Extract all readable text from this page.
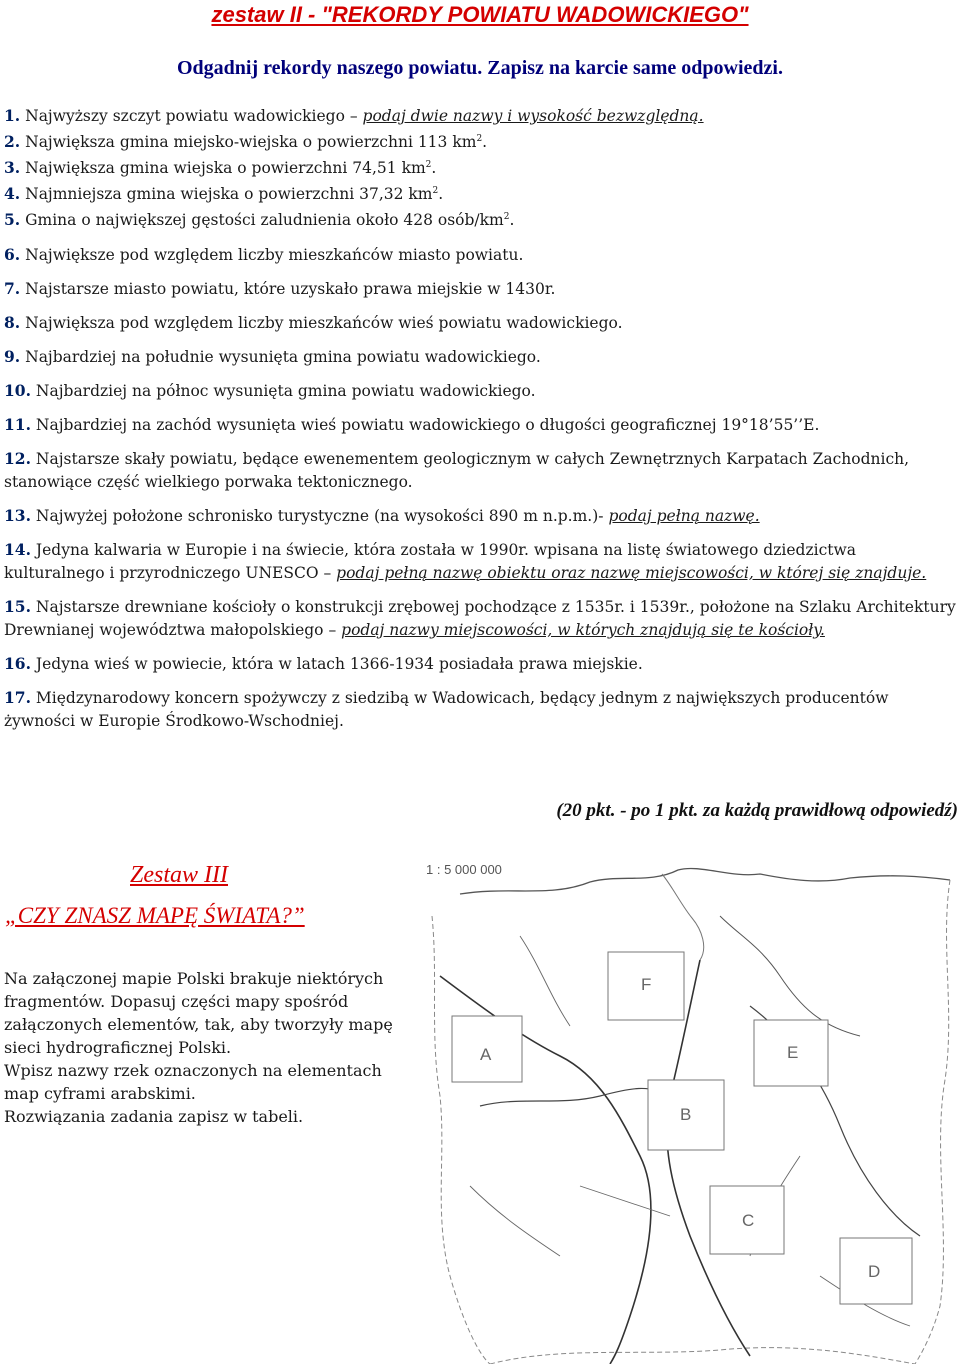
zestaw II - "REKORDY POWIATU WADOWICKIEGO"
Odgadnij rekordy naszego powiatu. Zapisz na karcie same odpowiedzi.

1. Najwyższy szczyt powiatu wadowickiego – podaj dwie nazwy i wysokość bezwzględną.

2. Największa gmina miejsko-wiejska o powierzchni 113 $km^2$.

3. Największa gmina wiejska o powierzchni 74,51 $km^2$.

4. Najmniejsza gmina wiejska o powierzchni 37,32 $km^2$.

5. Gmina o największej gęstości zaludnienia około 428 osób/$km^2$.

6. Największe pod względem liczby mieszkańców miasto powiatu.

7. Najstarsze miasto powiatu, które uzyskało prawa miejskie w 1430r.

8. Największa pod względem liczby mieszkańców wieś powiatu wadowickiego.

9. Najbardziej na południe wysunięta gmina powiatu wadowickiego.

10. Najbardziej na północ wysunięta gmina powiatu wadowickiego.

11. Najbardziej na zachód wysunięta wieś powiatu wadowickiego o długości geograficznej 19°18’55’’E.

12. Najstarsze skały powiatu, będące ewenementem geologicznym w całych Zewnętrznych Karpatach Zachodnich, stanowiące część wielkiego porwaka tektonicznego.

13. Najwyżej położone schronisko turystyczne (na wysokości 890 m n.p.m.)- podaj pełną nazwę.

14. Jedyna kalwaria w Europie i na świecie, która została w 1990r. wpisana na listę światowego dziedzictwa kulturalnego i przyrodniczego UNESCO – podaj pełną nazwę obiektu oraz nazwę miejscowości, w której się znajduje.

15. Najstarsze drewniane kościoły o konstrukcji zrębowej pochodzące z 1535r. i 1539r., położone na Szlaku Architektury Drewnianej województwa małopolskiego – podaj nazwy miejscowości, w których znajdują się te kościoły.

16. Jedyna wieś w powiecie, która w latach 1366-1934 posiadała prawa miejskie.

17. Międzynarodowy koncern spożywczy z siedzibą w Wadowicach, będący jednym z największych producentów żywności w Europie Środkowo-Wschodniej.

(20 pkt. - po 1 pkt. za każdą prawidłową odpowiedź)
Zestaw III
„CZY ZNASZ MAPĘ ŚWIATA?”

Na załączonej mapie Polski brakuje niektórych fragmentów. Dopasuj części mapy spośród załączonych elementów, tak, aby tworzyły mapę sieci hydrograficznej Polski.

Wpisz nazwy rzek oznaczonych na elementach map cyframi arabskimi.

Rozwiązania zadania zapisz w tabeli.

1 : 5 000 000
F
A	E
B
C
D
